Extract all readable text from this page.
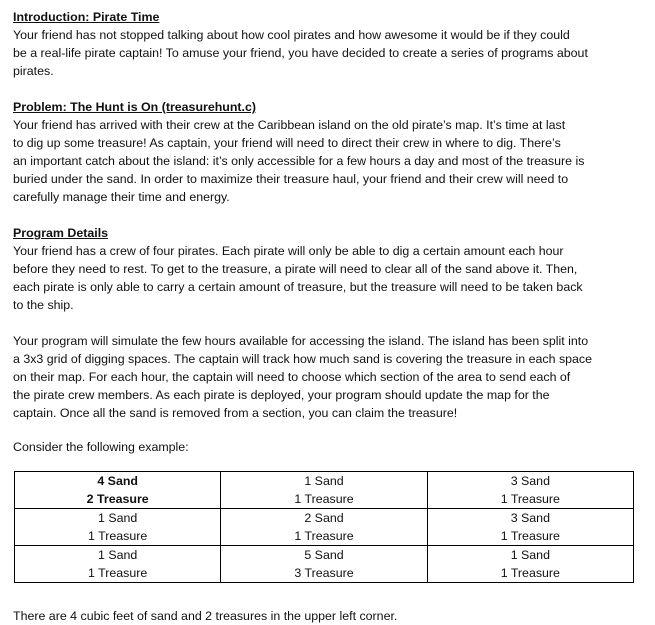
Introduction: Pirate Time

Your friend has not stopped talking about how cool pirates and how awesome it would be if they could
be a real-life pirate captain! To amuse your friend, you have decided to create a series of programs about
pirates.

Problem: The Hunt is On (treasurehunt.c)

Your friend has arrived with their crew at the Caribbean island on the old pirate’s map. It’s time at last
to dig up some treasure! As captain, your friend will need to direct their crew in where to dig. There’s
an important catch about the island: it’s only accessible for a few hours a day and most of the treasure is
buried under the sand. In order to maximize their treasure haul, your friend and their crew will need to
carefully manage their time and energy.

Program Details

Your friend has a crew of four pirates. Each pirate will only be able to dig a certain amount each hour
before they need to rest. To get to the treasure, a pirate will need to clear all of the sand above it. Then,
each pirate is only able to carry a certain amount of treasure, but the treasure will need to be taken back
to the ship.

Your program will simulate the few hours available for accessing the island. The island has been split into
a 3x3 grid of digging spaces. The captain will track how much sand is covering the treasure in each space
on their map. For each hour, the captain will need to choose which section of the area to send each of
the pirate crew members. As each pirate is deployed, your program should update the map for the
captain. Once all the sand is removed from a section, you can claim the treasure!

Consider the following example:

4 Sand
2 Treasure	1 Sand
1 Treasure	3 Sand
1 Treasure

1 Sand
1 Treasure	2 Sand
1 Treasure	3 Sand
1 Treasure

1 Sand
1 Treasure	5 Sand
3 Treasure	1 Sand
1 Treasure

There are 4 cubic feet of sand and 2 treasures in the upper left corner.
